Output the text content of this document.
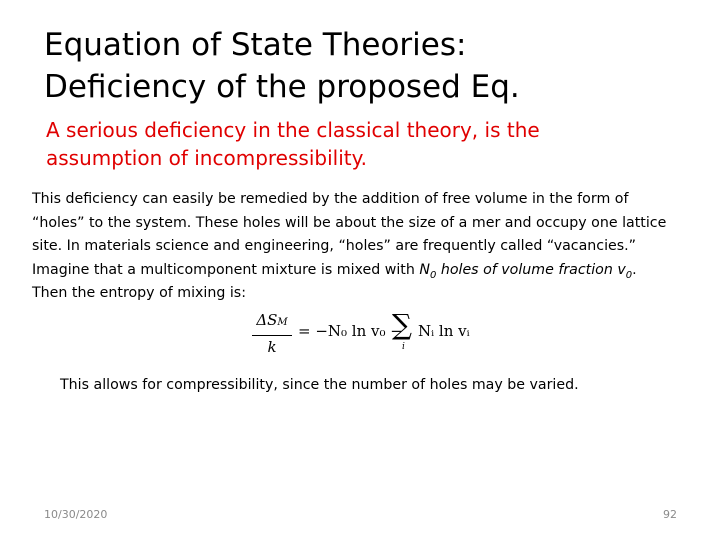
Equation of State Theories:
Deficiency of the proposed Eq.
A serious deficiency in the classical theory, is the
assumption of incompressibility.
This deficiency can easily be remedied by the addition of free volume in the form of
“holes” to the system. These holes will be about the size of a mer and occupy one lattice
site. In materials science and engineering, “holes” are frequently called “vacancies.”
Imagine that a multicomponent mixture is mixed with $N_0$ holes of volume fraction $v_0$.
Then the entropy of mixing is:
ΔSM
k
= −N₀ ln v₀ −
∑
i
Nᵢ ln vᵢ
This allows for compressibility, since the number of holes may be varied.
10/30/2020	92
